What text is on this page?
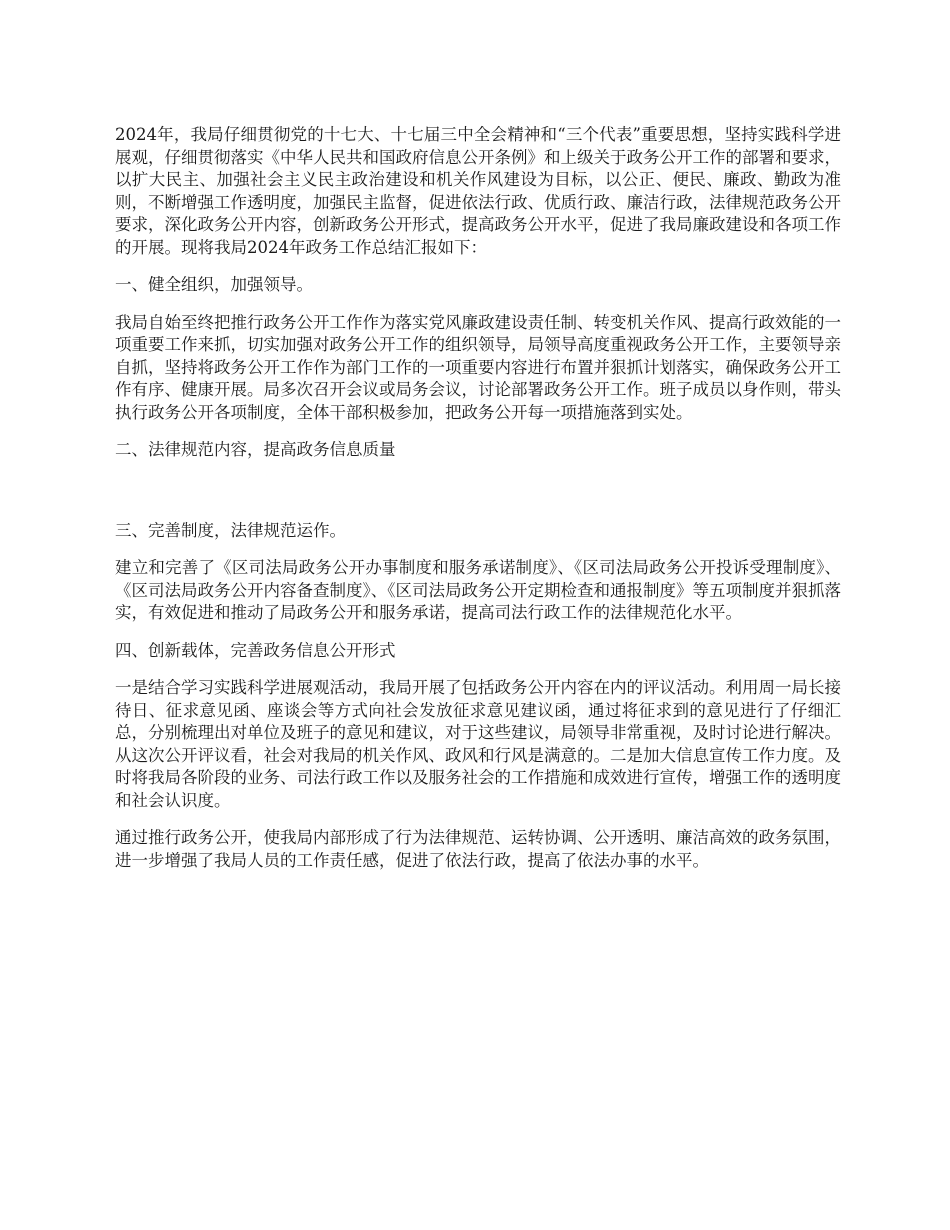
2024年，我局仔细贯彻党的十七大、十七届三中全会精神和“三个代表”重要思想，坚持实践科学进展观，仔细贯彻落实《中华人民共和国政府信息公开条例》和上级关于政务公开工作的部署和要求，以扩大民主、加强社会主义民主政治建设和机关作风建设为目标，以公正、便民、廉政、勤政为准则，不断增强工作透明度，加强民主监督，促进依法行政、优质行政、廉洁行政，法律规范政务公开要求，深化政务公开内容，创新政务公开形式，提高政务公开水平，促进了我局廉政建设和各项工作的开展。现将我局2024年政务工作总结汇报如下：

一、健全组织，加强领导。

我局自始至终把推行政务公开工作作为落实党风廉政建设责任制、转变机关作风、提高行政效能的一项重要工作来抓，切实加强对政务公开工作的组织领导，局领导高度重视政务公开工作，主要领导亲自抓，坚持将政务公开工作作为部门工作的一项重要内容进行布置并狠抓计划落实，确保政务公开工作有序、健康开展。局多次召开会议或局务会议，讨论部署政务公开工作。班子成员以身作则，带头执行政务公开各项制度，全体干部积极参加，把政务公开每一项措施落到实处。

二、法律规范内容，提高政务信息质量

三、完善制度，法律规范运作。

建立和完善了《区司法局政务公开办事制度和服务承诺制度》、《区司法局政务公开投诉受理制度》、《区司法局政务公开内容备查制度》、《区司法局政务公开定期检查和通报制度》等五项制度并狠抓落实，有效促进和推动了局政务公开和服务承诺，提高司法行政工作的法律规范化水平。

四、创新载体，完善政务信息公开形式

一是结合学习实践科学进展观活动，我局开展了包括政务公开内容在内的评议活动。利用周一局长接待日、征求意见函、座谈会等方式向社会发放征求意见建议函，通过将征求到的意见进行了仔细汇总，分别梳理出对单位及班子的意见和建议，对于这些建议，局领导非常重视，及时讨论进行解决。从这次公开评议看，社会对我局的机关作风、政风和行风是满意的。二是加大信息宣传工作力度。及时将我局各阶段的业务、司法行政工作以及服务社会的工作措施和成效进行宣传，增强工作的透明度和社会认识度。

通过推行政务公开，使我局内部形成了行为法律规范、运转协调、公开透明、廉洁高效的政务氛围，进一步增强了我局人员的工作责任感，促进了依法行政，提高了依法办事的水平。
